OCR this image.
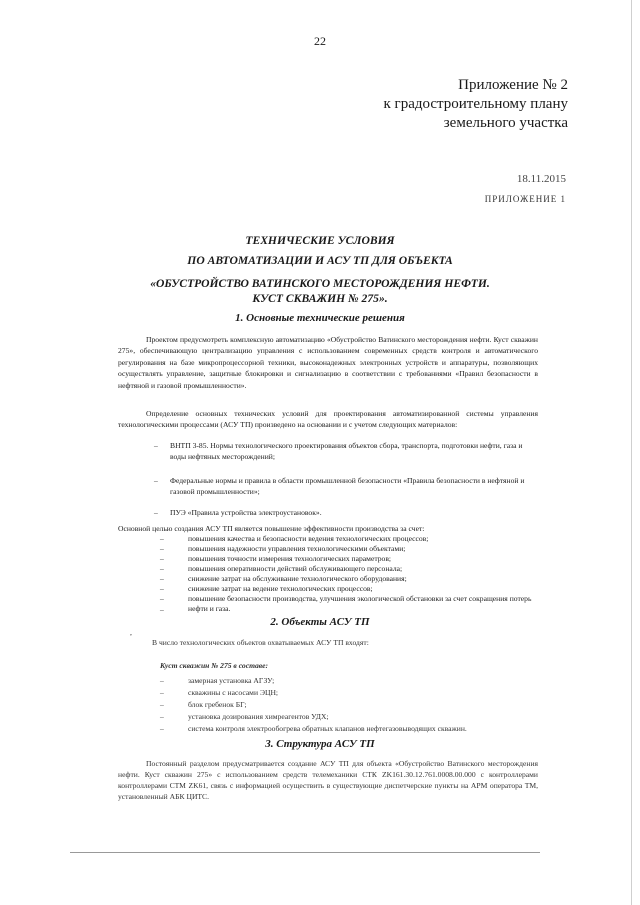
22
Приложение № 2
к градостроительному плану
земельного участка
18.11.2015
ПРИЛОЖЕНИЕ 1
ТЕХНИЧЕСКИЕ УСЛОВИЯ
ПО АВТОМАТИЗАЦИИ И АСУ ТП ДЛЯ ОБЪЕКТА
«ОБУСТРОЙСТВО ВАТИНСКОГО МЕСТОРОЖДЕНИЯ НЕФТИ.
КУСТ СКВАЖИН № 275».
1. Основные технические решения
Проектом предусмотреть комплексную автоматизацию «Обустройство Ватинского месторождения нефти. Куст скважин 275», обеспечивающую централизацию управления с использованием современных средств контроля и автоматического регулирования на базе микропроцессорной техники, высоконадежных электронных устройств и аппаратуры, позволяющих осуществлять управление, защитные блокировки и сигнализацию в соответствии с требованиями «Правил безопасности в нефтяной и газовой промышленности».
Определение основных технических условий для проектирования автоматизированной системы управления технологическими процессами (АСУ ТП) произведено на основании и с учетом следующих материалов:
– ВНТП 3-85. Нормы технологического проектирования объектов сбора, транспорта, подготовки нефти, газа и воды нефтяных месторождений;
– Федеральные нормы и правила в области промышленной безопасности «Правила безопасности в нефтяной и газовой промышленности»;
– ПУЭ «Правила устройства электроустановок».
Основной целью создания АСУ ТП является повышение эффективности производства за счет:
–	повышения качества и безопасности ведения технологических процессов;
–	повышения надежности управления технологическими объектами;
–	повышения точности измерения технологических параметров;
–	повышения оперативности действий обслуживающего персонала;
–	снижение затрат на обслуживание технологического оборудования;
–	снижение затрат на ведение технологических процессов;
–	повышение безопасности производства, улучшения экологической обстановки за счет сокращения потерь нефти и газа.
–
,
2. Объекты АСУ ТП
В число технологических объектов охватываемых АСУ ТП входят:
Куст скважин № 275 в составе:
–	замерная установка АГЗУ;
–	скважины с насосами ЭЦН;
–	блок гребенок БГ;
–	установка дозирования химреагентов УДХ;
–	система контроля электрообогрева обратных клапанов нефтегазовыводящих скважин.
3. Структура АСУ ТП
Постоянный разделом предусматривается создание АСУ ТП для объекта «Обустройство Ватинского месторождения нефти. Куст скважин 275» с использованием средств телемеханики СТК ZK161.30.12.761.0008.00.000 с контроллерами контроллерами СТМ ZK61, связь с информацией осуществить в существующие диспетчерские пункты на АРМ оператора ТМ, установленный АБК ЦИТС.
